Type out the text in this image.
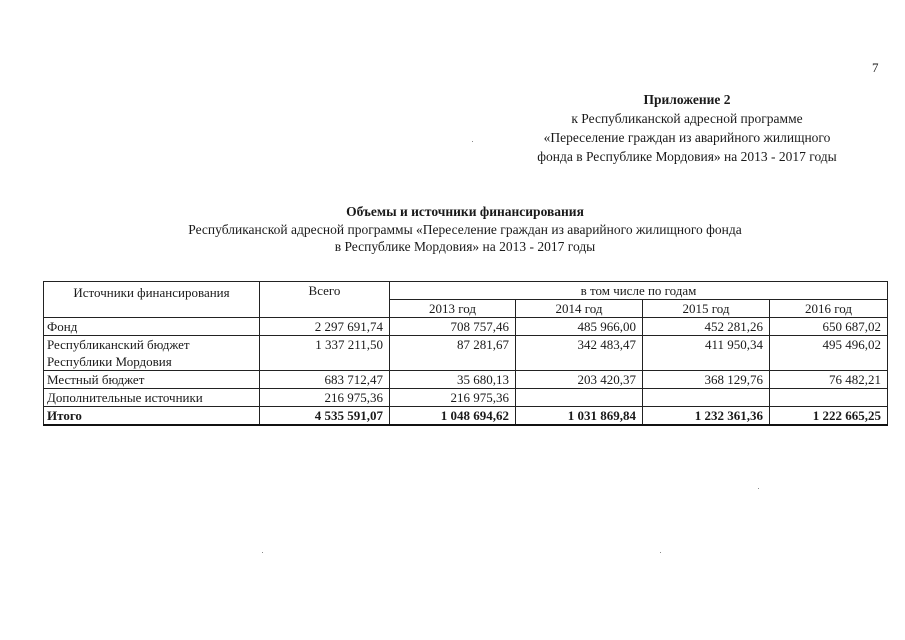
7
Приложение 2
к Республиканской адресной программе
«Переселение граждан из аварийного жилищного
фонда в Республике Мордовия» на 2013 - 2017 годы
Объемы и источники финансирования
Республиканской адресной программы «Переселение граждан из аварийного жилищного фонда
в Республике Мордовия» на 2013 - 2017 годы
Источники финансирования	Всего	в том числе по годам			
		2013 год	2014 год	2015 год	2016 год
Фонд	2 297 691,74	708 757,46	485 966,00	452 281,26	650 687,02

Республиканский бюджет
Республики Мордовия	1 337 211,50	87 281,67	342 483,47	411 950,34	495 496,02
Местный бюджет	683 712,47	35 680,13	203 420,37	368 129,76	76 482,21
Дополнительные источники	216 975,36	216 975,36			
Итого	4 535 591,07	1 048 694,62	1 031 869,84	1 232 361,36	1 222 665,25
